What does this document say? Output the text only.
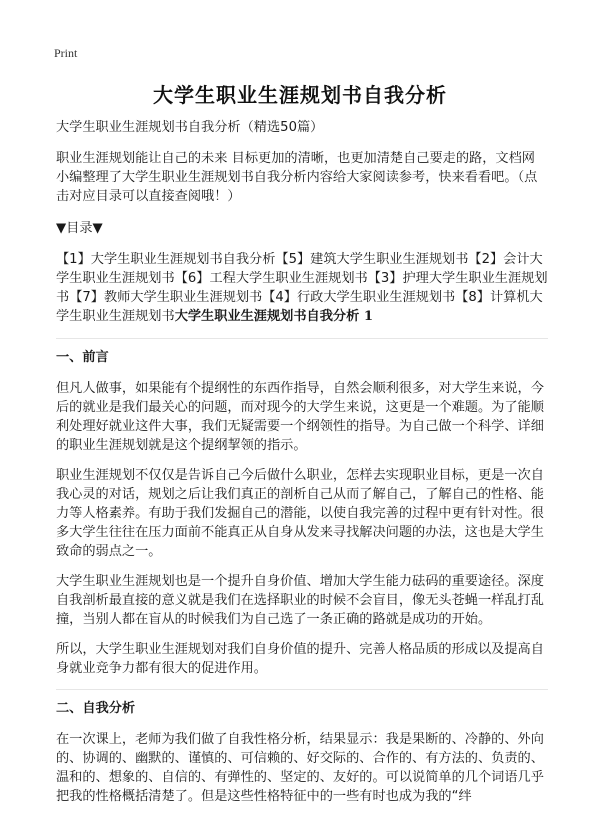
Print
大学生职业生涯规划书自我分析

大学生职业生涯规划书自我分析（精选50篇）

职业生涯规划能让自己的未来 目标更加的清晰，也更加清楚自己要走的路，文档网小编整理了大学生职业生涯规划书自我分析内容给大家阅读参考，快来看看吧。（点击对应目录可以直接查阅哦！）

▼目录▼

【1】大学生职业生涯规划书自我分析【5】建筑大学生职业生涯规划书【2】会计大学生职业生涯规划书【6】工程大学生职业生涯规划书【3】护理大学生职业生涯规划书【7】教师大学生职业生涯规划书【4】行政大学生职业生涯规划书【8】计算机大学生职业生涯规划书大学生职业生涯规划书自我分析 1

一、前言

但凡人做事，如果能有个提纲性的东西作指导，自然会顺利很多，对大学生来说，今后的就业是我们最关心的问题，而对现今的大学生来说，这更是一个难题。为了能顺利处理好就业这件大事，我们无疑需要一个纲领性的指导。为自己做一个科学、详细的职业生涯规划就是这个提纲挈领的指示。

职业生涯规划不仅仅是告诉自己今后做什么职业，怎样去实现职业目标，更是一次自我心灵的对话，规划之后让我们真正的剖析自己从而了解自己，了解自己的性格、能力等人格素养。有助于我们发掘自己的潜能，以使自我完善的过程中更有针对性。很多大学生往往在压力面前不能真正从自身从发来寻找解决问题的办法，这也是大学生致命的弱点之一。

大学生职业生涯规划也是一个提升自身价值、增加大学生能力砝码的重要途径。深度自我剖析最直接的意义就是我们在选择职业的时候不会盲目，像无头苍蝇一样乱打乱撞，当别人都在盲从的时候我们为自己选了一条正确的路就是成功的开始。

所以，大学生职业生涯规划对我们自身价值的提升、完善人格品质的形成以及提高自身就业竞争力都有很大的促进作用。

二、自我分析

在一次课上，老师为我们做了自我性格分析，结果显示：我是果断的、冷静的、外向的、协调的、幽默的、谨慎的、可信赖的、好交际的、合作的、有方法的、负责的、温和的、想象的、自信的、有弹性的、坚定的、友好的。可以说简单的几个词语几乎把我的性格概括清楚了。但是这些性格特征中的一些有时也成为我的“绊
